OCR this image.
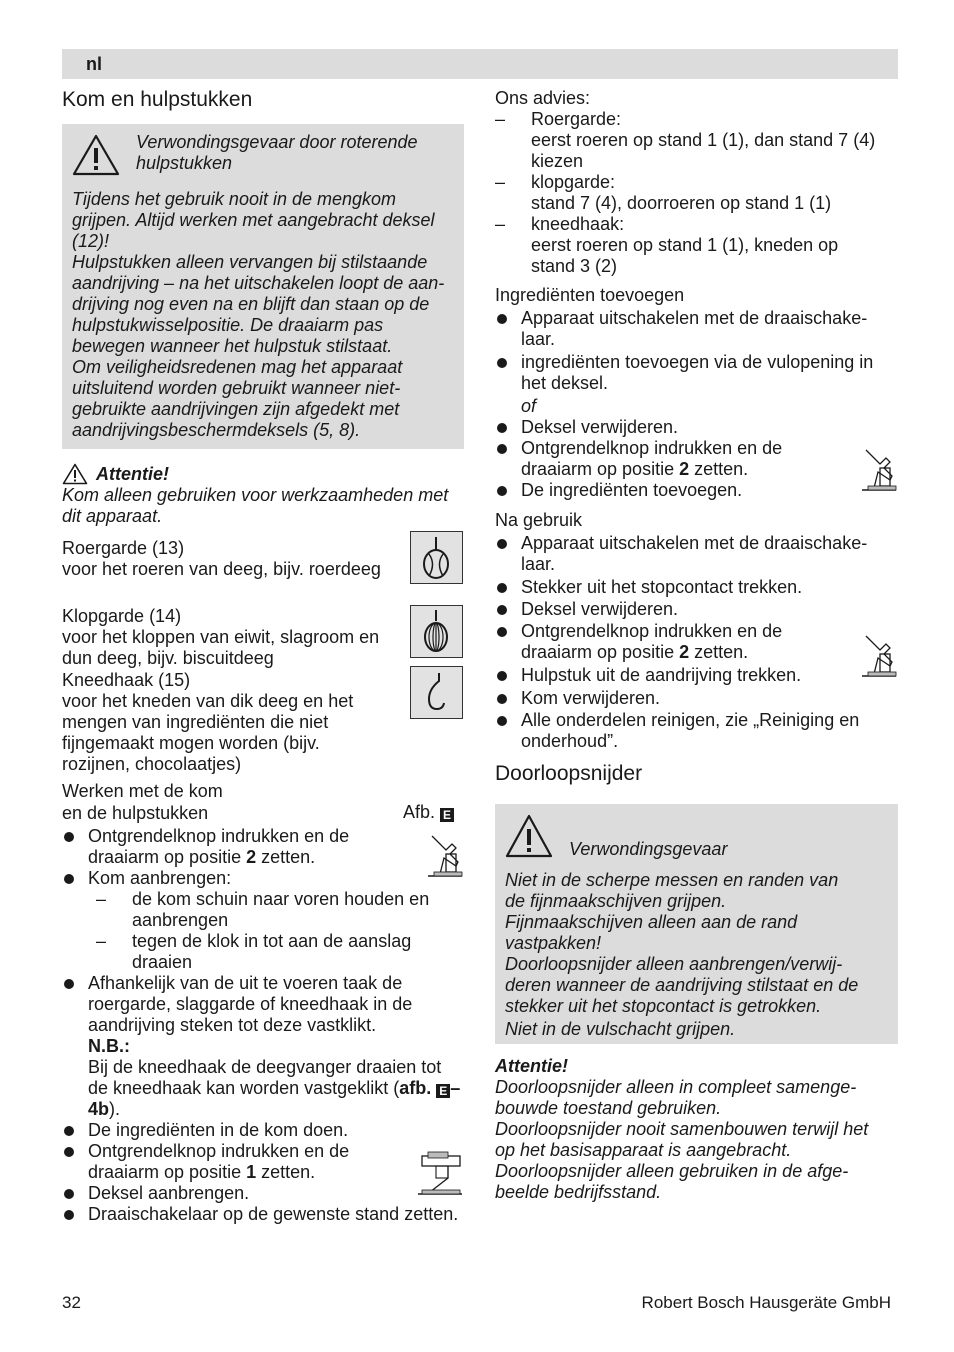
nl
Kom en hulpstukken
Verwondingsgevaar door roterende hulpstukken

Tijdens het gebruik nooit in de mengkom grijpen. Altijd werken met aangebracht deksel (12)!

Hulpstukken alleen vervangen bij stilstaande aandrijving – na het uitschakelen loopt de aan-drijving nog even na en blijft dan staan op de hulpstukwisselpositie. De draaiarm pas bewegen wanneer het hulpstuk stilstaat.

Om veiligheidsredenen mag het apparaat uitsluitend worden gebruikt wanneer niet-gebruikte aandrijvingen zijn afgedekt met aandrijvingsbeschermdeksels (5, 8).

Attentie!

Kom alleen gebruiken voor werkzaamheden met dit apparaat.

Roergarde (13)

voor het roeren van deeg, bijv. roerdeeg

Klopgarde (14)

voor het kloppen van eiwit, slagroom en dun deeg, bijv. biscuitdeeg

Kneedhaak (15)

voor het kneden van dik deeg en het mengen van ingrediënten die niet fijngemaakt mogen worden (bijv. rozijnen, chocolaatjes)

Werken met de kom
en de hulpstukken	Afb. E
Ontgrendelknop indrukken en de draaiarm op positie 2 zetten.
Kom aanbrengen:
– de kom schuin naar voren houden en aanbrengen
– tegen de klok in tot aan de aanslag draaien
Afhankelijk van de uit te voeren taak de roergarde, slaggarde of kneedhaak in de aandrijving steken tot deze vastklikt.
N.B.:
Bij de kneedhaak de deegvanger draaien tot de kneedhaak kan worden vastgeklikt (afb. E –4b).
De ingrediënten in de kom doen.
Ontgrendelknop indrukken en de draaiarm op positie 1 zetten.
Deksel aanbrengen.
Draaischakelaar op de gewenste stand zetten.
Ons advies:
– Roergarde:
eerst roeren op stand 1 (1), dan stand 7 (4) kiezen
– klopgarde:
stand 7 (4), doorroeren op stand 1 (1)
– kneedhaak:
eerst roeren op stand 1 (1), kneden op stand 3 (2)
Ingrediënten toevoegen
Apparaat uitschakelen met de draaischake-laar.
ingrediënten toevoegen via de vulopening in het deksel.
of
Deksel verwijderen.
Ontgrendelknop indrukken en de draaiarm op positie 2 zetten.
De ingrediënten toevoegen.
Na gebruik
Apparaat uitschakelen met de draaischake-laar.
Stekker uit het stopcontact trekken.
Deksel verwijderen.
Ontgrendelknop indrukken en de draaiarm op positie 2 zetten.
Hulpstuk uit de aandrijving trekken.
Kom verwijderen.
Alle onderdelen reinigen, zie „Reiniging en onderhoud”.
Doorloopsnijder
Verwondingsgevaar

Niet in de scherpe messen en randen van de fijnmaakschijven grijpen.

Fijnmaakschijven alleen aan de rand vastpakken!

Doorloopsnijder alleen aanbrengen/verwij-deren wanneer de aandrijving stilstaat en de stekker uit het stopcontact is getrokken.

Niet in de vulschacht grijpen.

Attentie!

Doorloopsnijder alleen in compleet samenge-bouwde toestand gebruiken.

Doorloopsnijder nooit samenbouwen terwijl het op het basisapparaat is aangebracht.

Doorloopsnijder alleen gebruiken in de afge-beelde bedrijfsstand.

32	Robert Bosch Hausgeräte GmbH
